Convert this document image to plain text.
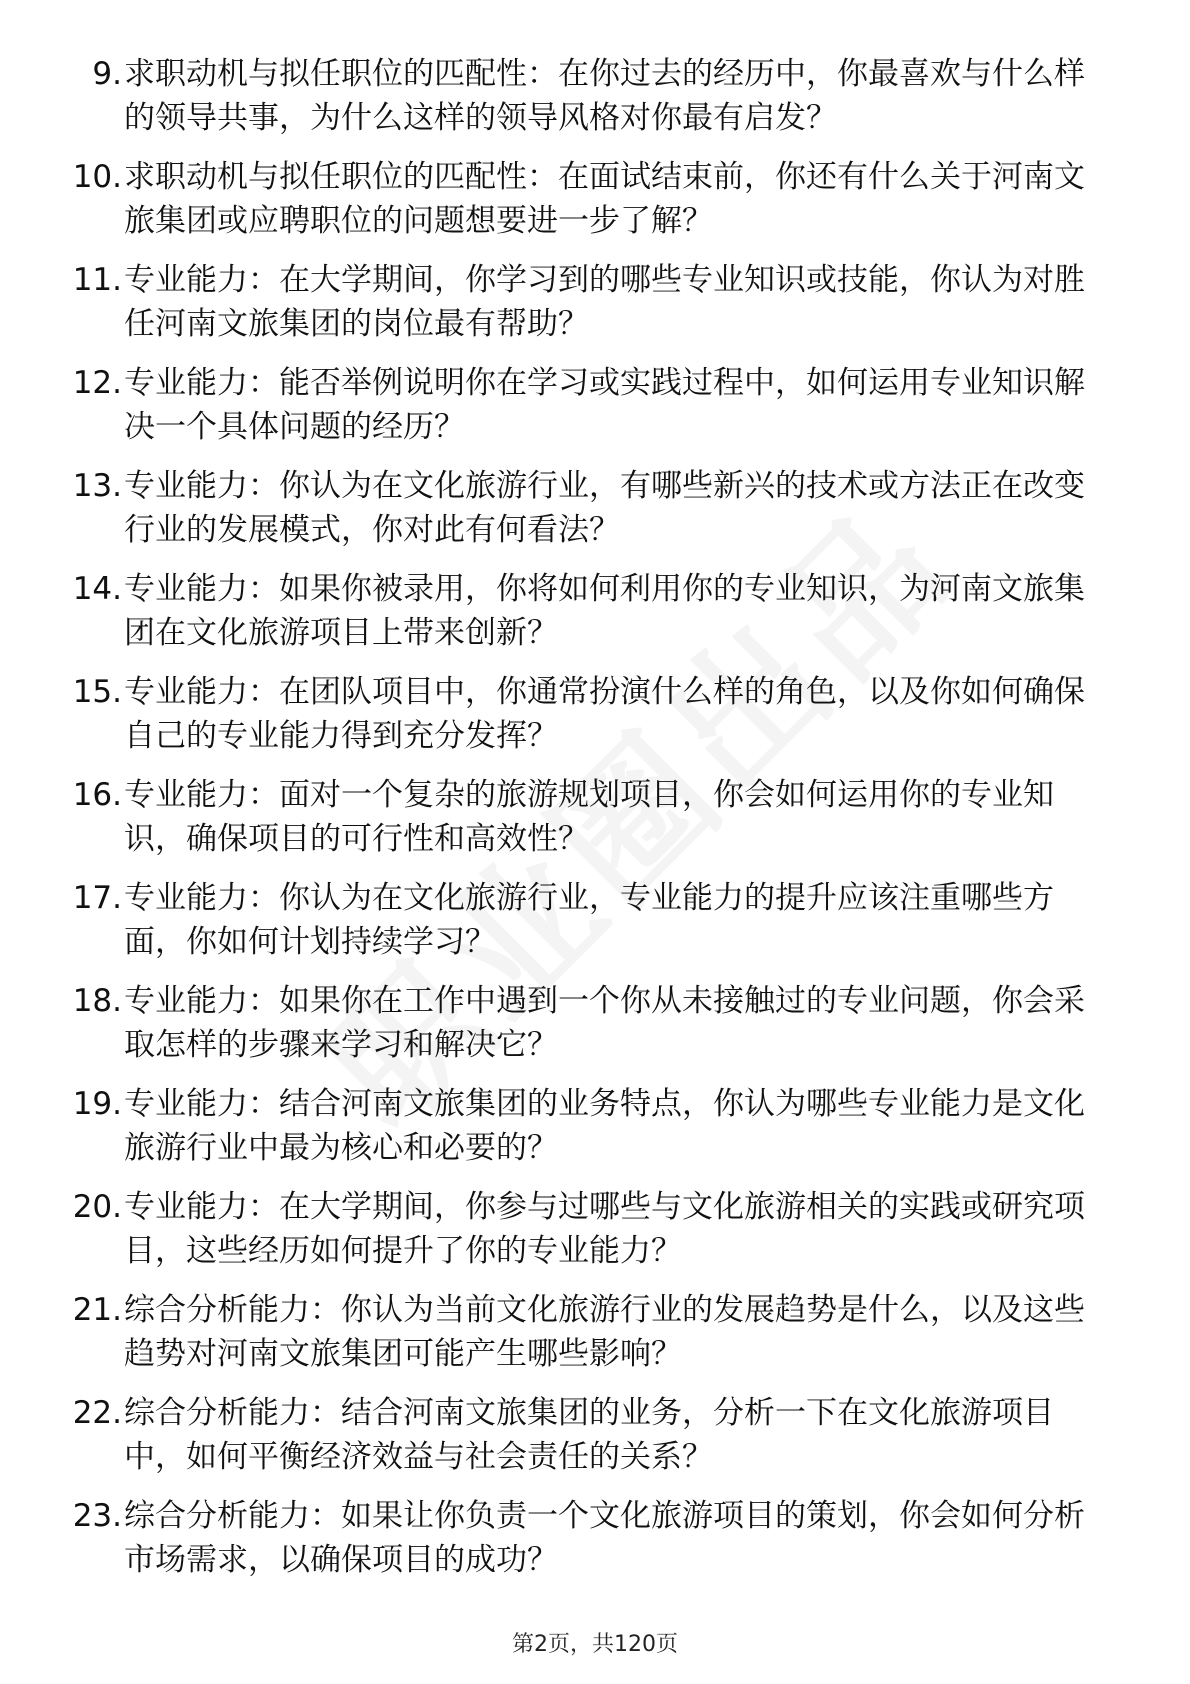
9. 求职动机与拟任职位的匹配性：在你过去的经历中，你最喜欢与什么样的领导共事，为什么这样的领导风格对你最有启发？
10. 求职动机与拟任职位的匹配性：在面试结束前，你还有什么关于河南文旅集团或应聘职位的问题想要进一步了解？
11. 专业能力：在大学期间，你学习到的哪些专业知识或技能，你认为对胜任河南文旅集团的岗位最有帮助？
12. 专业能力：能否举例说明你在学习或实践过程中，如何运用专业知识解决一个具体问题的经历？
13. 专业能力：你认为在文化旅游行业，有哪些新兴的技术或方法正在改变行业的发展模式，你对此有何看法？
14. 专业能力：如果你被录用，你将如何利用你的专业知识，为河南文旅集团在文化旅游项目上带来创新？
15. 专业能力：在团队项目中，你通常扮演什么样的角色，以及你如何确保自己的专业能力得到充分发挥？
16. 专业能力：面对一个复杂的旅游规划项目，你会如何运用你的专业知识，确保项目的可行性和高效性？
17. 专业能力：你认为在文化旅游行业，专业能力的提升应该注重哪些方面，你如何计划持续学习？
18. 专业能力：如果你在工作中遇到一个你从未接触过的专业问题，你会采取怎样的步骤来学习和解决它？
19. 专业能力：结合河南文旅集团的业务特点，你认为哪些专业能力是文化旅游行业中最为核心和必要的？
20. 专业能力：在大学期间，你参与过哪些与文化旅游相关的实践或研究项目，这些经历如何提升了你的专业能力？
21. 综合分析能力：你认为当前文化旅游行业的发展趋势是什么，以及这些趋势对河南文旅集团可能产生哪些影响？
22. 综合分析能力：结合河南文旅集团的业务，分析一下在文化旅游项目中，如何平衡经济效益与社会责任的关系？
23. 综合分析能力：如果让你负责一个文化旅游项目的策划，你会如何分析市场需求，以确保项目的成功？
第2页，共120页
